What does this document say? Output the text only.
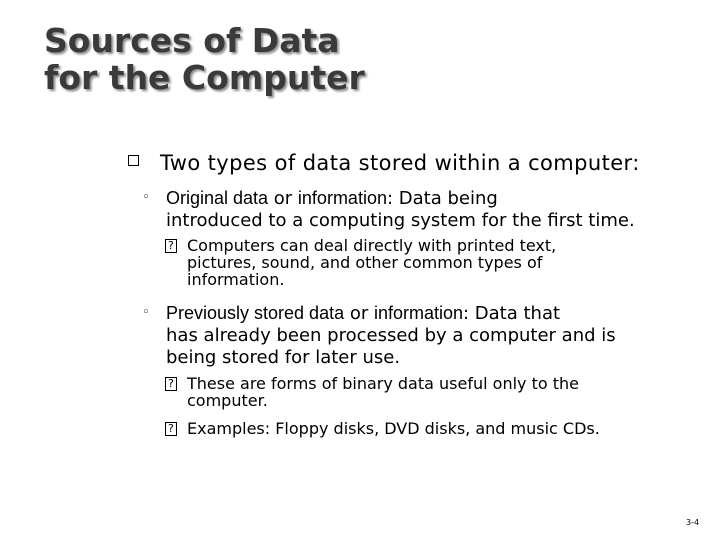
Sources of Data
for the Computer
Two types of data stored within a computer:
◦ Original data or information: Data being
introduced to a computing system for the first time.
?
Computers can deal directly with printed text,
pictures, sound, and other common types of
information.
◦ Previously stored data or information: Data that
has already been processed by a computer and is
being stored for later use.
?
These are forms of binary data useful only to the
computer.
?
Examples: Floppy disks, DVD disks, and music CDs.
3-4
